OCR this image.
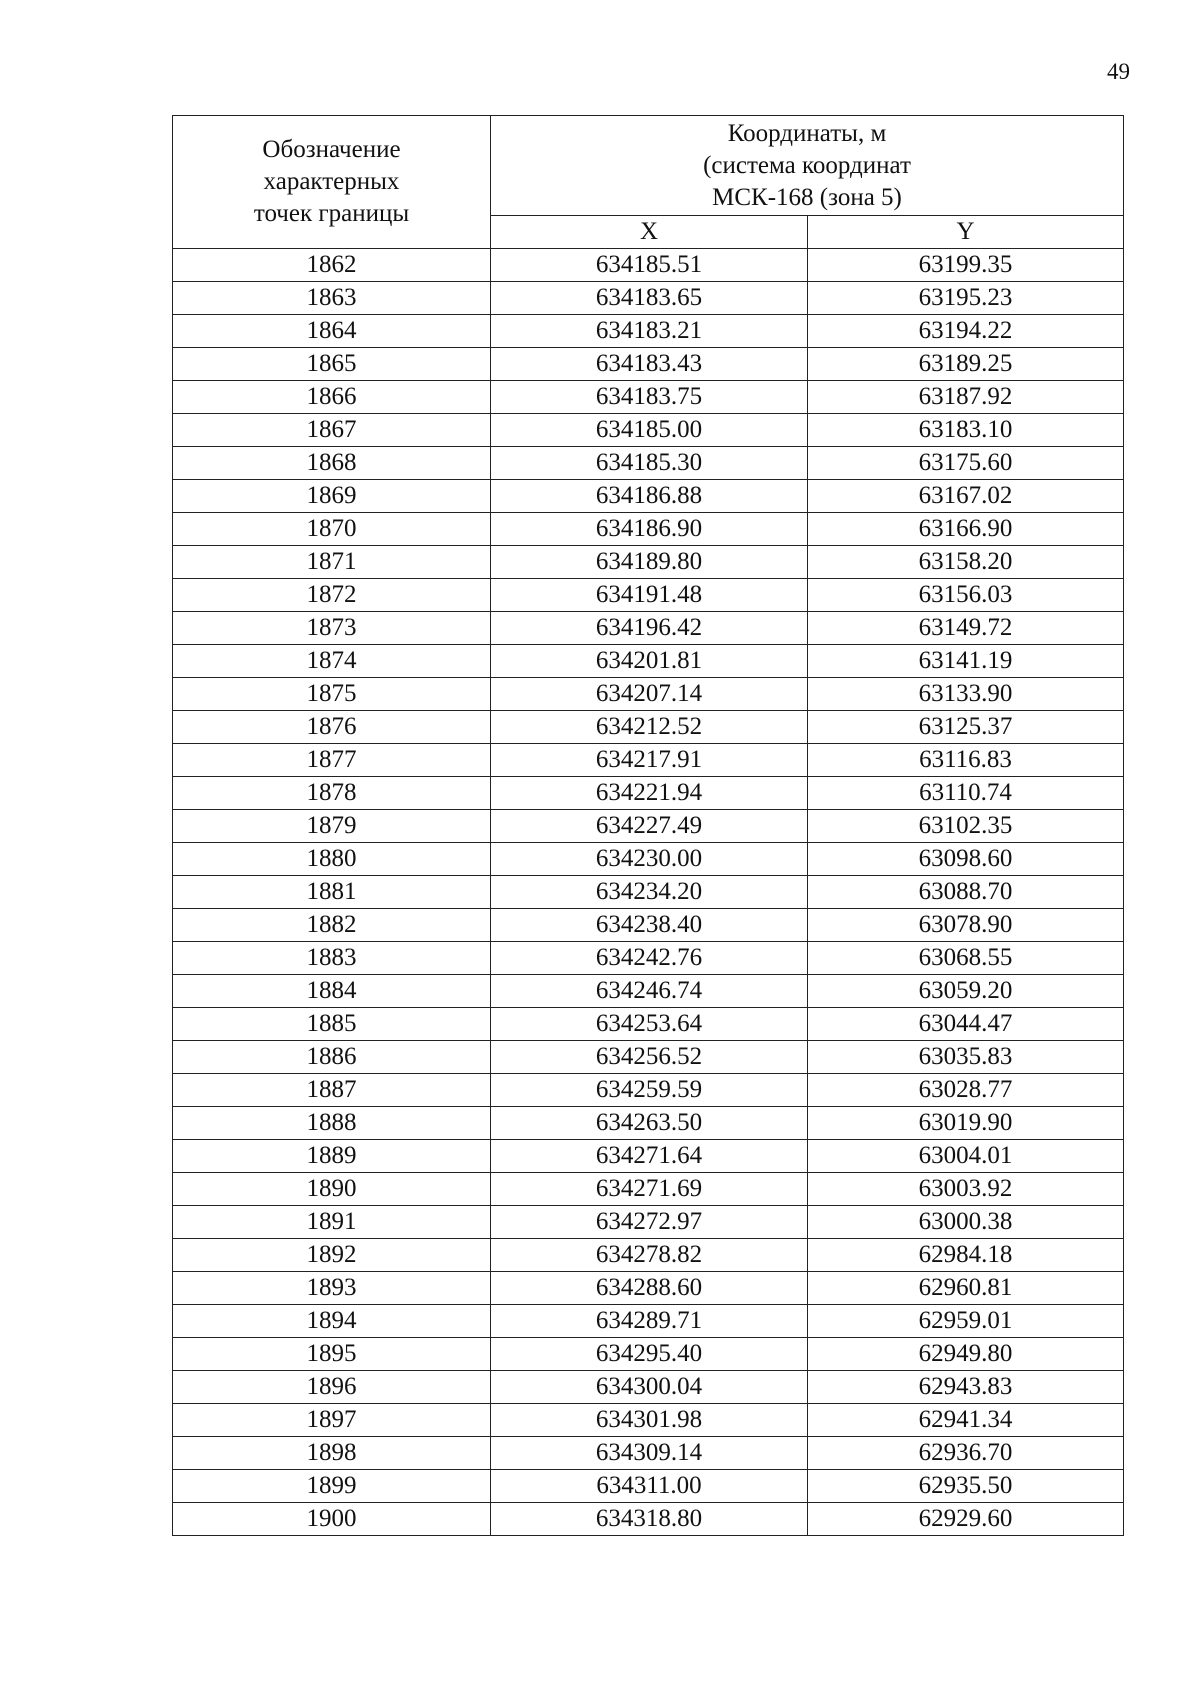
49
Обозначение
характерных
точек границы	Координаты, м
(система координат
МСК-168 (зона 5)	

	X	Y
1862	634185.51	63199.35
1863	634183.65	63195.23
1864	634183.21	63194.22
1865	634183.43	63189.25
1866	634183.75	63187.92
1867	634185.00	63183.10
1868	634185.30	63175.60
1869	634186.88	63167.02
1870	634186.90	63166.90
1871	634189.80	63158.20
1872	634191.48	63156.03
1873	634196.42	63149.72
1874	634201.81	63141.19
1875	634207.14	63133.90
1876	634212.52	63125.37
1877	634217.91	63116.83
1878	634221.94	63110.74
1879	634227.49	63102.35
1880	634230.00	63098.60
1881	634234.20	63088.70
1882	634238.40	63078.90
1883	634242.76	63068.55
1884	634246.74	63059.20
1885	634253.64	63044.47
1886	634256.52	63035.83
1887	634259.59	63028.77
1888	634263.50	63019.90
1889	634271.64	63004.01
1890	634271.69	63003.92
1891	634272.97	63000.38
1892	634278.82	62984.18
1893	634288.60	62960.81
1894	634289.71	62959.01
1895	634295.40	62949.80
1896	634300.04	62943.83
1897	634301.98	62941.34
1898	634309.14	62936.70
1899	634311.00	62935.50
1900	634318.80	62929.60
